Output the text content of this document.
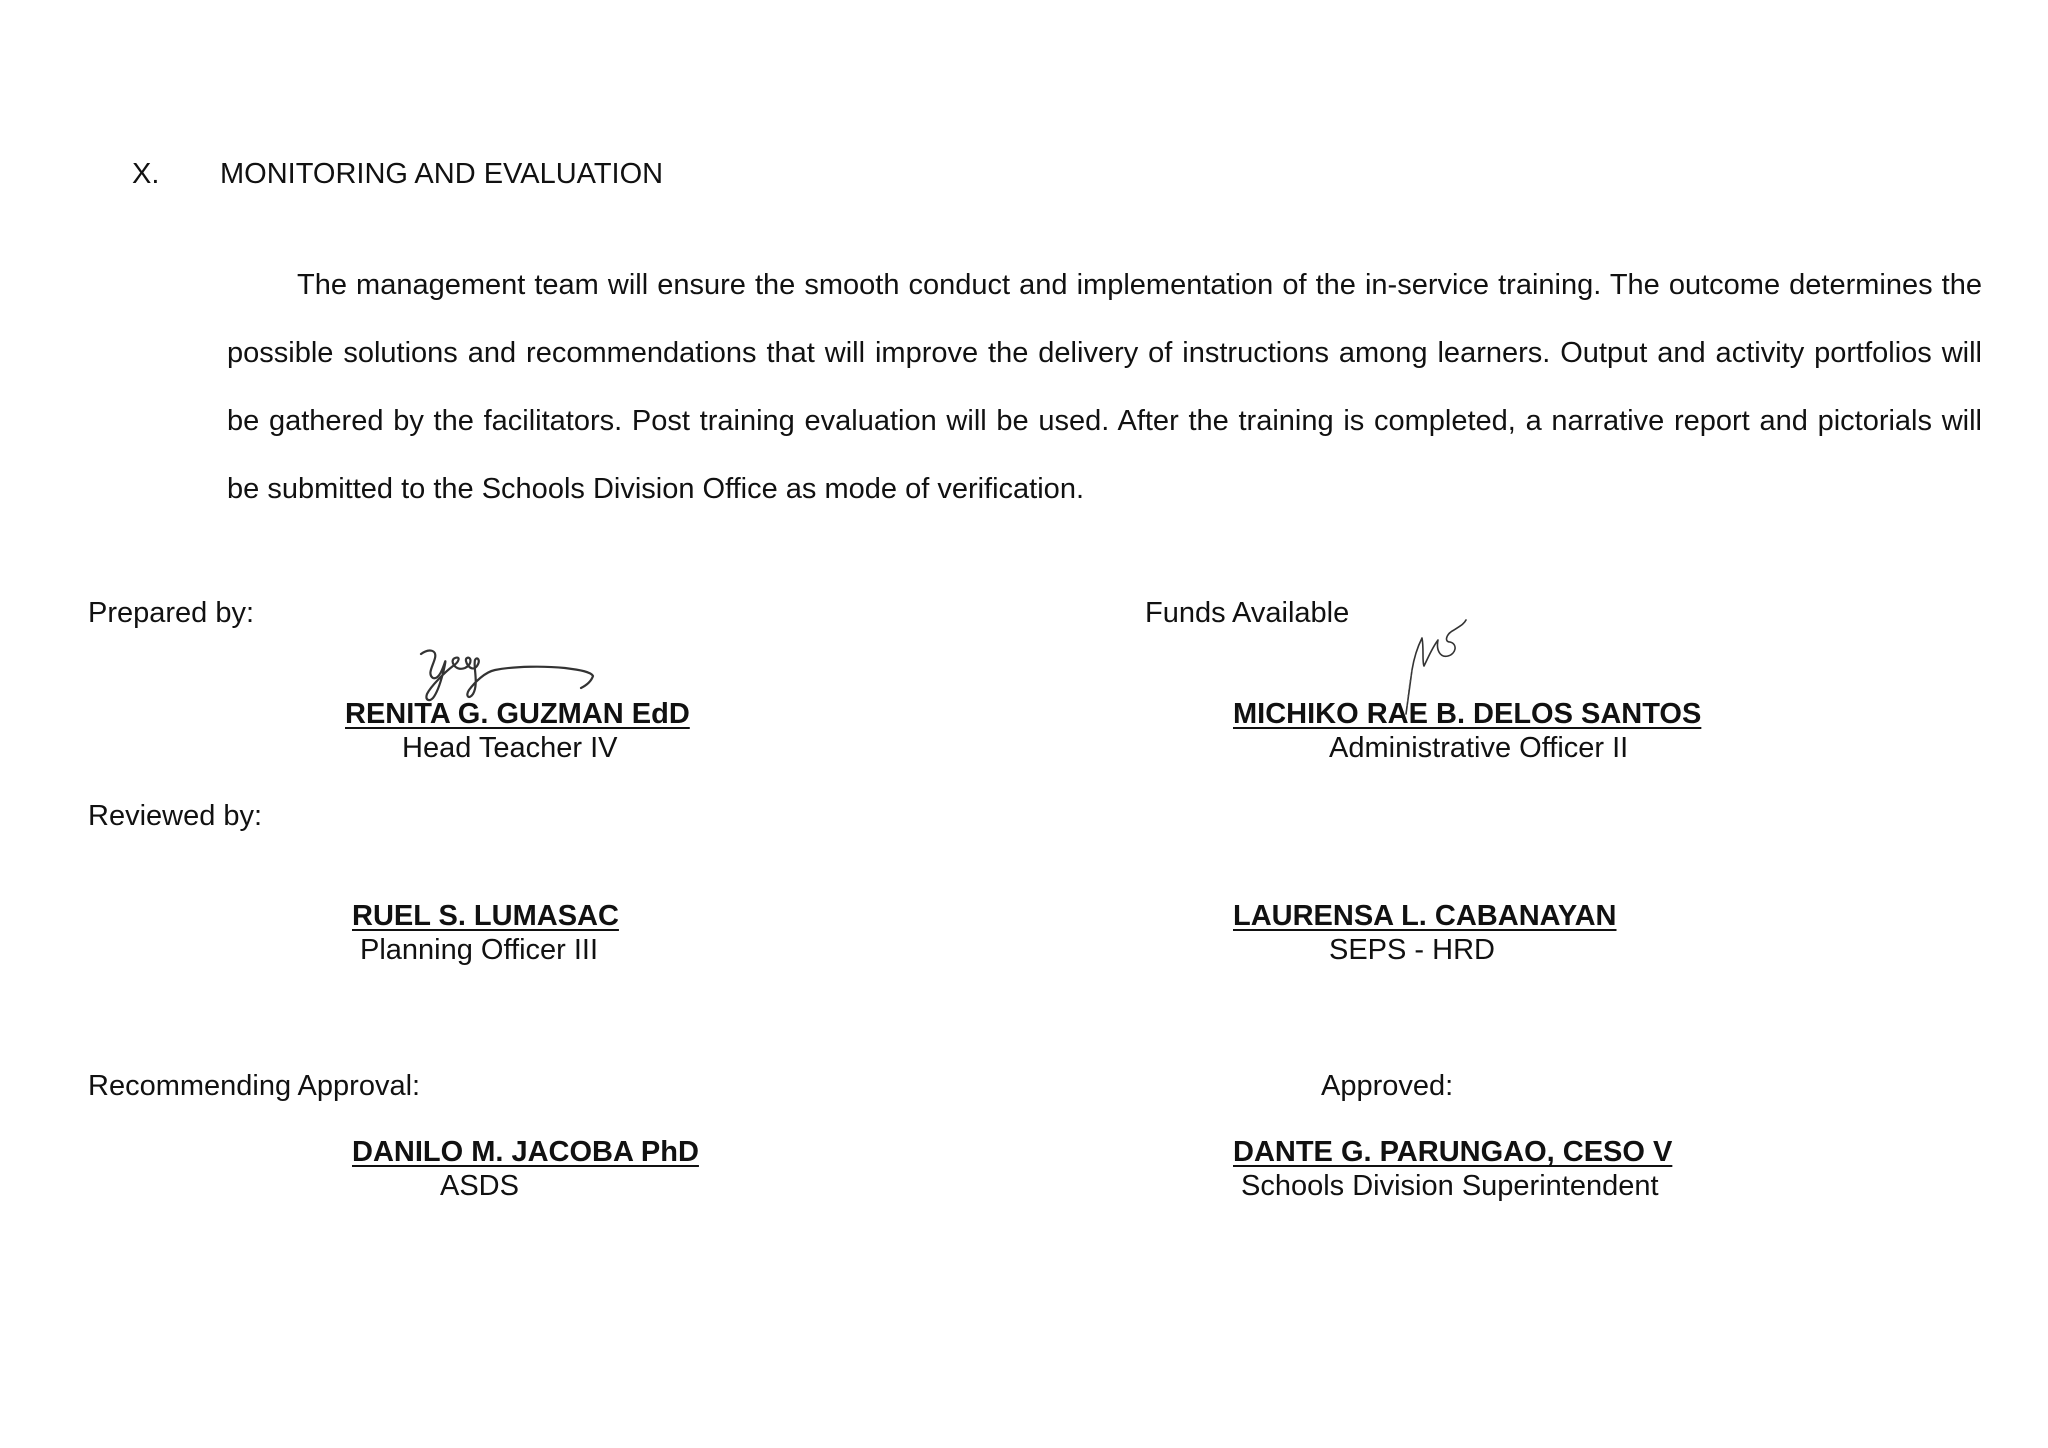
X. MONITORING AND EVALUATION

The management team will ensure the smooth conduct and implementation of the in-service training. The outcome determines the possible solutions and recommendations that will improve the delivery of instructions among learners. Output and activity portfolios will be gathered by the facilitators. Post training evaluation will be used. After the training is completed, a narrative report and pictorials will be submitted to the Schools Division Office as mode of verification.

Prepared by:
RENITA G. GUZMAN EdD
Head Teacher IV
Funds Available
MICHIKO RAE B. DELOS SANTOS
Administrative Officer II
Reviewed by:
RUEL S. LUMASAC
Planning Officer III
LAURENSA L. CABANAYAN
SEPS - HRD
Recommending Approval:
DANILO M. JACOBA PhD
ASDS
Approved:
DANTE G. PARUNGAO, CESO V
Schools Division Superintendent
